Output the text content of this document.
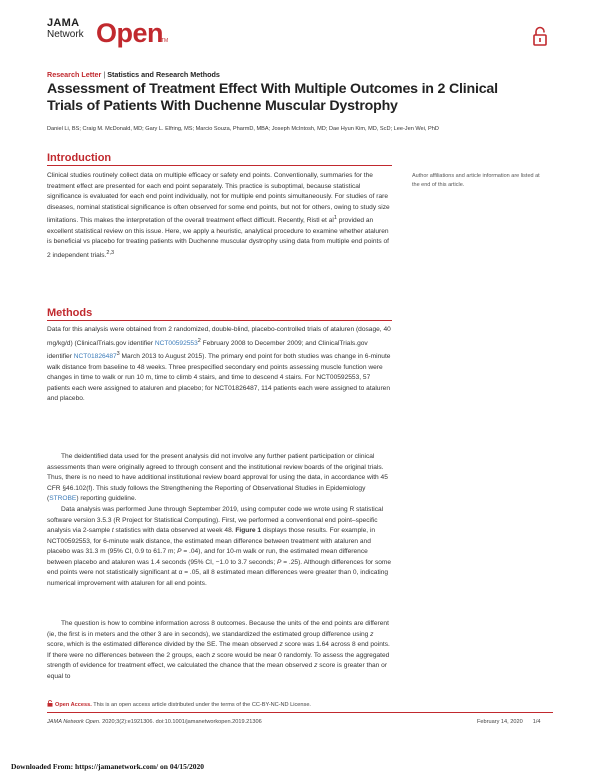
JAMA
Network Open
TM
Research Letter | Statistics and Research Methods
Assessment of Treatment Effect With Multiple Outcomes in 2 Clinical Trials of Patients With Duchenne Muscular Dystrophy
Daniel Li, BS; Craig M. McDonald, MD; Gary L. Elfring, MS; Marcio Souza, PharmD, MBA; Joseph McIntosh, MD; Dae Hyun Kim, MD, ScD; Lee-Jen Wei, PhD
Introduction
Clinical studies routinely collect data on multiple efficacy or safety end points. Conventionally, summaries for the treatment effect are presented for each end point separately. This practice is suboptimal, because statistical significance is evaluated for each end point individually, not for multiple end points simultaneously. For studies of rare diseases, nominal statistical significance is often observed for some end points, but not for others, owing to study size limitations. This makes the interpretation of the overall treatment effect difficult. Recently, Ristl et $al^1$ provided an excellent statistical review on this issue. Here, we apply a heuristic, analytical procedure to examine whether ataluren is beneficial vs placebo for treating patients with Duchenne muscular dystrophy using data from multiple end points of 2 independent trials.$^{2,3}$
Author affiliations and article information are listed at the end of this article.
Methods
Data for this analysis were obtained from 2 randomized, double-blind, placebo-controlled trials of ataluren (dosage, 40 mg/kg/d) (ClinicalTrials.gov identifier NCT00592553$^2$ February 2008 to December 2009; and ClinicalTrials.gov identifier NCT01826487$^3$ March 2013 to August 2015). The primary end point for both studies was change in 6-minute walk distance from baseline to 48 weeks. Three prespecified secondary end points assessing muscle function were changes in time to walk or run 10 m, time to climb 4 stairs, and time to descend 4 stairs. For NCT00592553, 57 patients each were assigned to ataluren and placebo; for NCT01826487, 114 patients each were assigned to ataluren and placebo.
The deidentified data used for the present analysis did not involve any further patient participation or clinical assessments than were originally agreed to through consent and the institutional review boards of the original trials. Thus, there is no need to have additional institutional review board approval for using the data, in accordance with 45 CFR §46.102(f). This study follows the Strengthening the Reporting of Observational Studies in Epidemiology (STROBE) reporting guideline.
Data analysis was performed June through September 2019, using computer code we wrote using R statistical software version 3.5.3 (R Project for Statistical Computing). First, we performed a conventional end point–specific analysis via 2-sample t statistics with data observed at week 48. Figure 1 displays those results. For example, in NCT00592553, for 6-minute walk distance, the estimated mean difference between treatment with ataluren and placebo was 31.3 m (95% CI, 0.9 to 61.7 m; P = .04), and for 10-m walk or run, the estimated mean difference between placebo and ataluren was 1.4 seconds (95% CI, −1.0 to 3.7 seconds; P = .25). Although differences for some end points were not statistically significant at α = .05, all 8 estimated mean differences were greater than 0, indicating numerical improvement with ataluren for all end points.
The question is how to combine information across 8 outcomes. Because the units of the end points are different (ie, the first is in meters and the other 3 are in seconds), we standardized the estimated group difference using z score, which is the estimated difference divided by the SE. The mean observed z score was 1.64 across 8 end points. If there were no differences between the 2 groups, each z score would be near 0 randomly. To assess the aggregated strength of evidence for treatment effect, we calculated the chance that the mean observed z score is greater than or equal to
Open Access. This is an open access article distributed under the terms of the CC-BY-NC-ND License.
JAMA Network Open. 2020;3(2):e1921306. doi:10.1001/jamanetworkopen.2019.21306	February 14, 2020 1/4
Downloaded From: https://jamanetwork.com/ on 04/15/2020
